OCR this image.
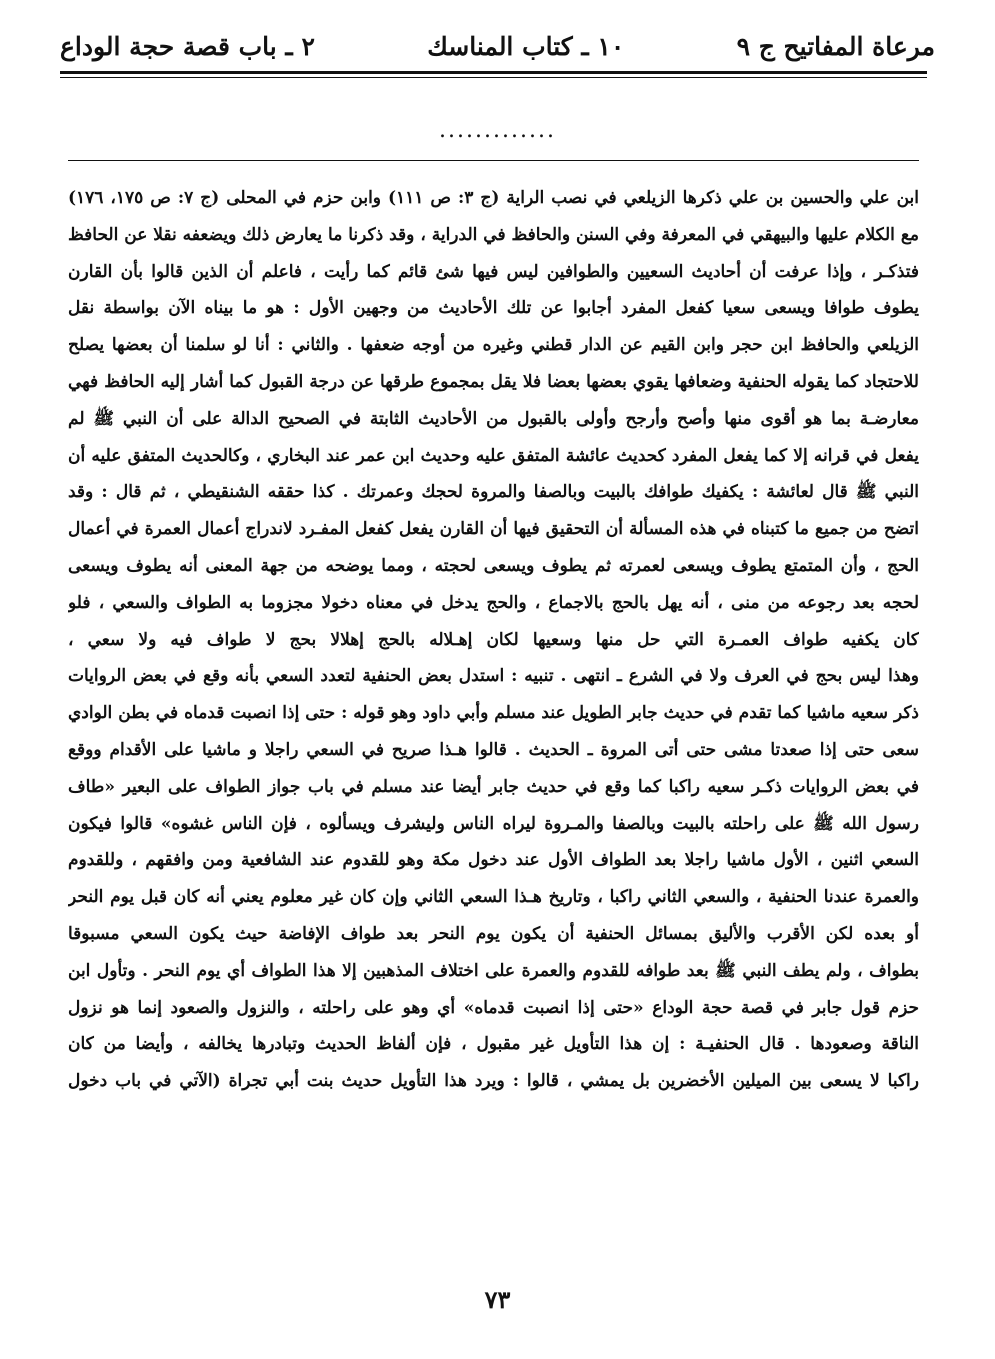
مرعاة المفاتيح ج ٩
١٠ ـ كتاب المناسك
٢ ـ باب قصة حجة الوداع
.............
ابن علي والحسين بن علي ذكرها الزيلعي في نصب الراية (ج ٣: ص ١١١) وابن حزم في المحلى (ج ٧: ص ١٧٥، ١٧٦)
مع الكلام عليها والبيهقي في المعرفة وفي السنن والحافظ في الدراية ، وقد ذكرنا ما يعارض ذلك ويضعفه نقلا عن الحافظ
فتذكـر ، وإذا عرفت أن أحاديث السعيين والطوافين ليس فيها شئ قائم كما رأيت ، فاعلم أن الذين قالوا بأن القارن
يطوف طوافا ويسعى سعيا كفعل المفرد أجابوا عن تلك الأحاديث من وجهين الأول : هو ما بيناه الآن بواسطة نقل
الزيلعي والحافظ ابن حجر وابن القيم عن الدار قطني وغيره من أوجه ضعفها . والثاني : أنا لو سلمنا أن بعضها يصلح
للاحتجاد كما يقوله الحنفية وضعافها يقوي بعضها بعضا فلا يقل بمجموع طرقها عن درجة القبول كما أشار إليه الحافظ فهي
معارضـة بما هو أقوى منها وأصح وأرجح وأولى بالقبول من الأحاديث الثابتة في الصحيح الدالة على أن النبي ﷺ لم
يفعل في قرانه إلا كما يفعل المفرد كحديث عائشة المتفق عليه وحديث ابن عمر عند البخاري ، وكالحديث المتفق عليه أن
النبي ﷺ قال لعائشة : يكفيك طوافك بالبيت وبالصفا والمروة لحجك وعمرتك . كذا حققه الشنقيطي ، ثم قال : وقد
اتضح من جميع ما كتبناه في هذه المسألة أن التحقيق فيها أن القارن يفعل كفعل المفـرد لاندراج أعمال العمرة في أعمال
الحج ، وأن المتمتع يطوف ويسعى لعمرته ثم يطوف ويسعى لحجته ، ومما يوضحه من جهة المعنى أنه يطوف ويسعى
لحجه بعد رجوعه من منى ، أنه يهل بالحج بالاجماع ، والحج يدخل في معناه دخولا مجزوما به الطواف والسعي ، فلو
كان يكفيه طواف العمـرة التي حل منها وسعيها لكان إهـلاله بالحج إهلالا بحج لا طواف فيه ولا سعي ،
وهذا ليس بحج في العرف ولا في الشرع ـ انتهى . تنبيه : استدل بعض الحنفية لتعدد السعي بأنه وقع في بعض الروايات
ذكر سعيه ماشيا كما تقدم في حديث جابر الطويل عند مسلم وأبي داود وهو قوله : حتى إذا انصبت قدماه في بطن الوادي
سعى حتى إذا صعدتا مشى حتى أتى المروة ـ الحديث . قالوا هـذا صريح في السعي راجلا و ماشيا على الأقدام ووقع
في بعض الروايات ذكـر سعيه راكبا كما وقع في حديث جابر أيضا عند مسلم في باب جواز الطواف على البعير «طاف
رسول الله ﷺ على راحلته بالبيت وبالصفا والمـروة ليراه الناس وليشرف ويسألوه ، فإن الناس غشوه» قالوا فيكون
السعي اثنين ، الأول ماشيا راجلا بعد الطواف الأول عند دخول مكة وهو للقدوم عند الشافعية ومن وافقهم ، وللقدوم
والعمرة عندنا الحنفية ، والسعي الثاني راكبا ، وتاريخ هـذا السعي الثاني وإن كان غير معلوم يعني أنه كان قبل يوم النحر
أو بعده لكن الأقرب والأليق بمسائل الحنفية أن يكون يوم النحر بعد طواف الإفاضة حيث يكون السعي مسبوقا
بطواف ، ولم يطف النبي ﷺ بعد طوافه للقدوم والعمرة على اختلاف المذهبين إلا هذا الطواف أي يوم النحر . وتأول ابن
حزم قول جابر في قصة حجة الوداع «حتى إذا انصبت قدماه» أي وهو على راحلته ، والنزول والصعود إنما هو نزول
الناقة وصعودها . قال الحنفيـة : إن هذا التأويل غير مقبول ، فإن ألفاظ الحديث وتبادرها يخالفه ، وأيضا من كان
راكبا لا يسعى بين الميلين الأخضرين بل يمشي ، قالوا : ويرد هذا التأويل حديث بنت أبي تجراة (الآتي في باب دخول
٧٣
